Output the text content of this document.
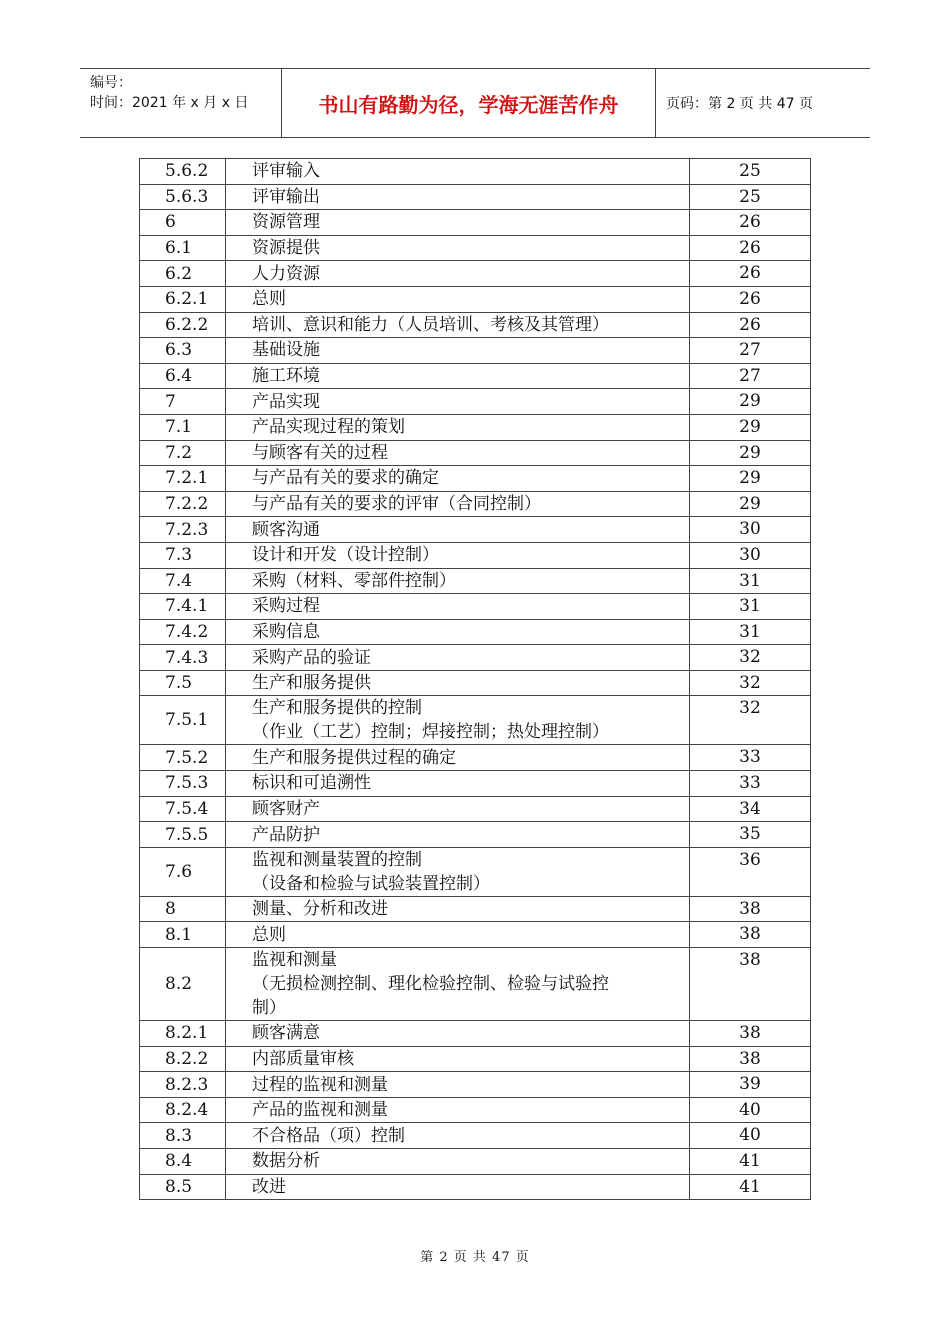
编号：
时间：2021 年 x 月 x 日	书山有路勤为径，学海无涯苦作舟	页码：第 2 页 共 47 页
5.6.2	评审输入	25
5.6.3	评审输出	25
6	资源管理	26
6.1	资源提供	26
6.2	人力资源	26
6.2.1	总则	26
6.2.2	培训、意识和能力（人员培训、考核及其管理）	26
6.3	基础设施	27
6.4	施工环境	27
7	产品实现	29
7.1	产品实现过程的策划	29
7.2	与顾客有关的过程	29
7.2.1	与产品有关的要求的确定	29
7.2.2	与产品有关的要求的评审（合同控制）	29
7.2.3	顾客沟通	30
7.3	设计和开发（设计控制）	30
7.4	采购（材料、零部件控制）	31
7.4.1	采购过程	31
7.4.2	采购信息	31
7.4.3	采购产品的验证	32
7.5	生产和服务提供	32
7.5.1	生产和服务提供的控制
（作业（工艺）控制；焊接控制；热处理控制）	32
7.5.2	生产和服务提供过程的确定	33
7.5.3	标识和可追溯性	33
7.5.4	顾客财产	34
7.5.5	产品防护	35
7.6	监视和测量装置的控制
（设备和检验与试验装置控制）	36
8	测量、分析和改进	38
8.1	总则	38
8.2	监视和测量
（无损检测控制、理化检验控制、检验与试验控
制）	38
8.2.1	顾客满意	38
8.2.2	内部质量审核	38
8.2.3	过程的监视和测量	39
8.2.4	产品的监视和测量	40
8.3	不合格品（项）控制	40
8.4	数据分析	41
8.5	改进	41
第 2 页 共 47 页
